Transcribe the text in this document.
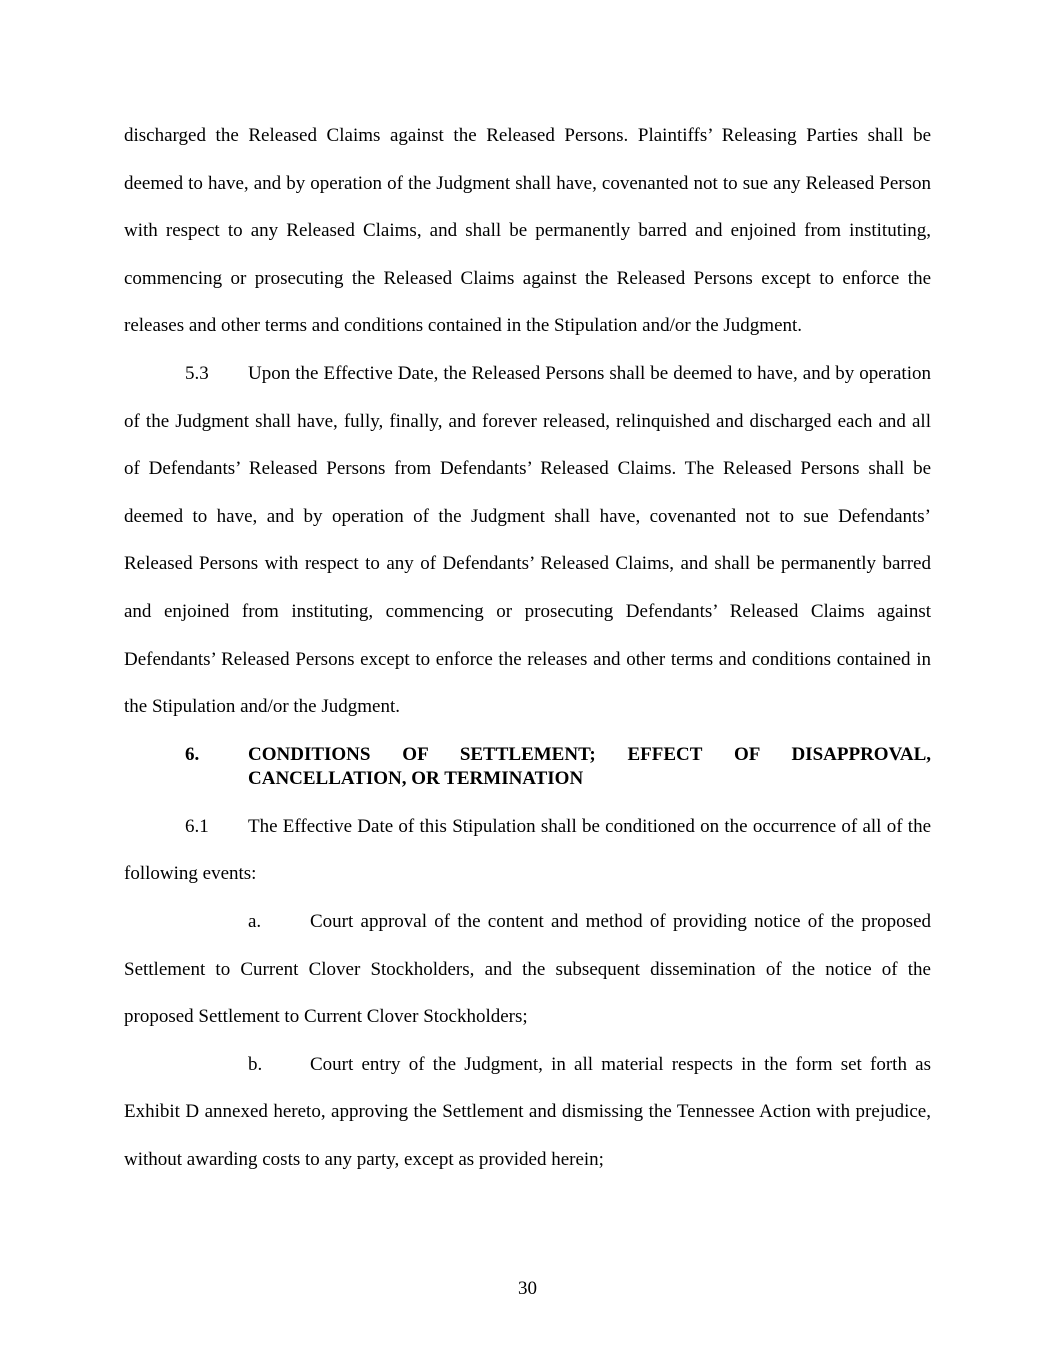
discharged the Released Claims against the Released Persons. Plaintiffs’ Releasing Parties shall be deemed to have, and by operation of the Judgment shall have, covenanted not to sue any Released Person with respect to any Released Claims, and shall be permanently barred and enjoined from instituting, commencing or prosecuting the Released Claims against the Released Persons except to enforce the releases and other terms and conditions contained in the Stipulation and/or the Judgment.

5.3 Upon the Effective Date, the Released Persons shall be deemed to have, and by operation of the Judgment shall have, fully, finally, and forever released, relinquished and discharged each and all of Defendants’ Released Persons from Defendants’ Released Claims. The Released Persons shall be deemed to have, and by operation of the Judgment shall have, covenanted not to sue Defendants’ Released Persons with respect to any of Defendants’ Released Claims, and shall be permanently barred and enjoined from instituting, commencing or prosecuting Defendants’ Released Claims against Defendants’ Released Persons except to enforce the releases and other terms and conditions contained in the Stipulation and/or the Judgment.

6.	CONDITIONS OF SETTLEMENT; EFFECT OF DISAPPROVAL, CANCELLATION, OR TERMINATION

6.1 The Effective Date of this Stipulation shall be conditioned on the occurrence of all of the following events:

a.	Court approval of the content and method of providing notice of the proposed Settlement to Current Clover Stockholders, and the subsequent dissemination of the notice of the proposed Settlement to Current Clover Stockholders;

b.	Court entry of the Judgment, in all material respects in the form set forth as Exhibit D annexed hereto, approving the Settlement and dismissing the Tennessee Action with prejudice, without awarding costs to any party, except as provided herein;

30
